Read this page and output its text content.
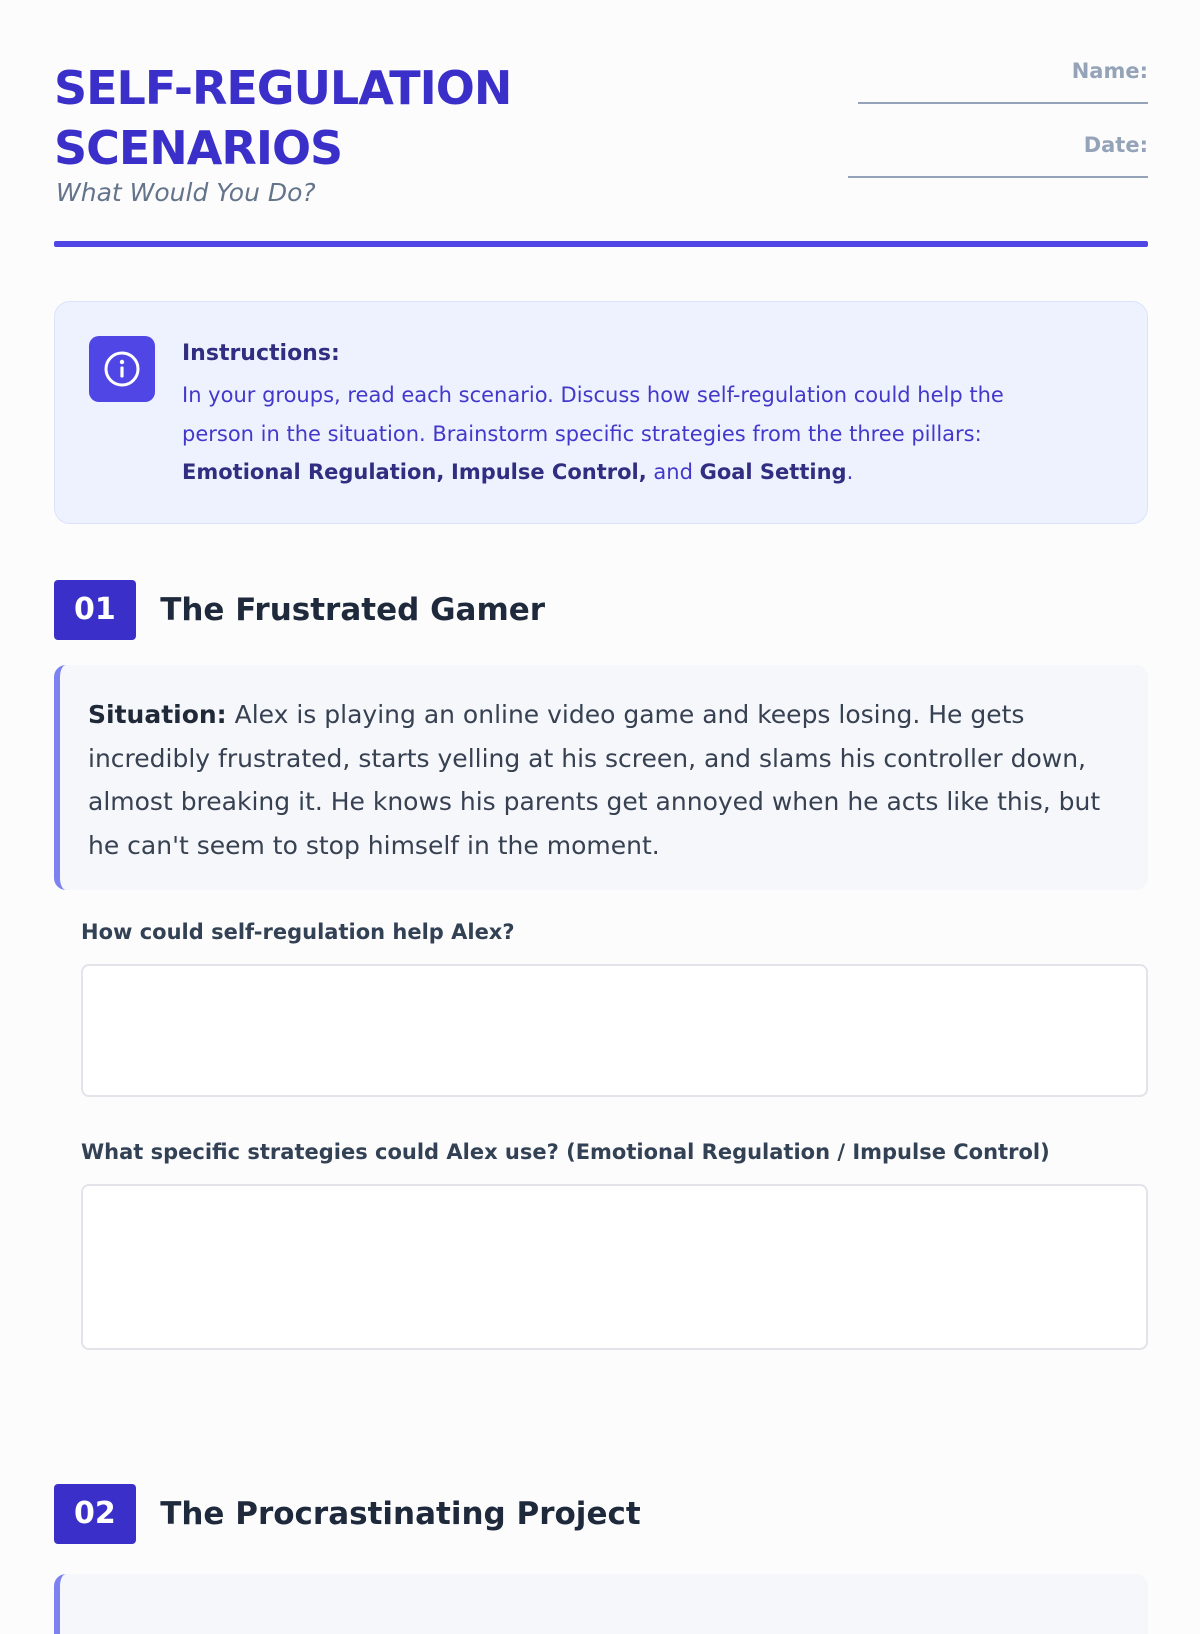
SELF-REGULATION SCENARIOS

What Would You Do?

Name:
Date:
Instructions:
In your groups, read each scenario. Discuss how self-regulation could help the person in the situation. Brainstorm specific strategies from the three pillars: Emotional Regulation, Impulse Control, and Goal Setting.
01 The Frustrated Gamer
Situation: Alex is playing an online video game and keeps losing. He gets incredibly frustrated, starts yelling at his screen, and slams his controller down, almost breaking it. He knows his parents get annoyed when he acts like this, but he can't seem to stop himself in the moment.
How could self-regulation help Alex?
What specific strategies could Alex use? (Emotional Regulation / Impulse Control)
02 The Procrastinating Project
